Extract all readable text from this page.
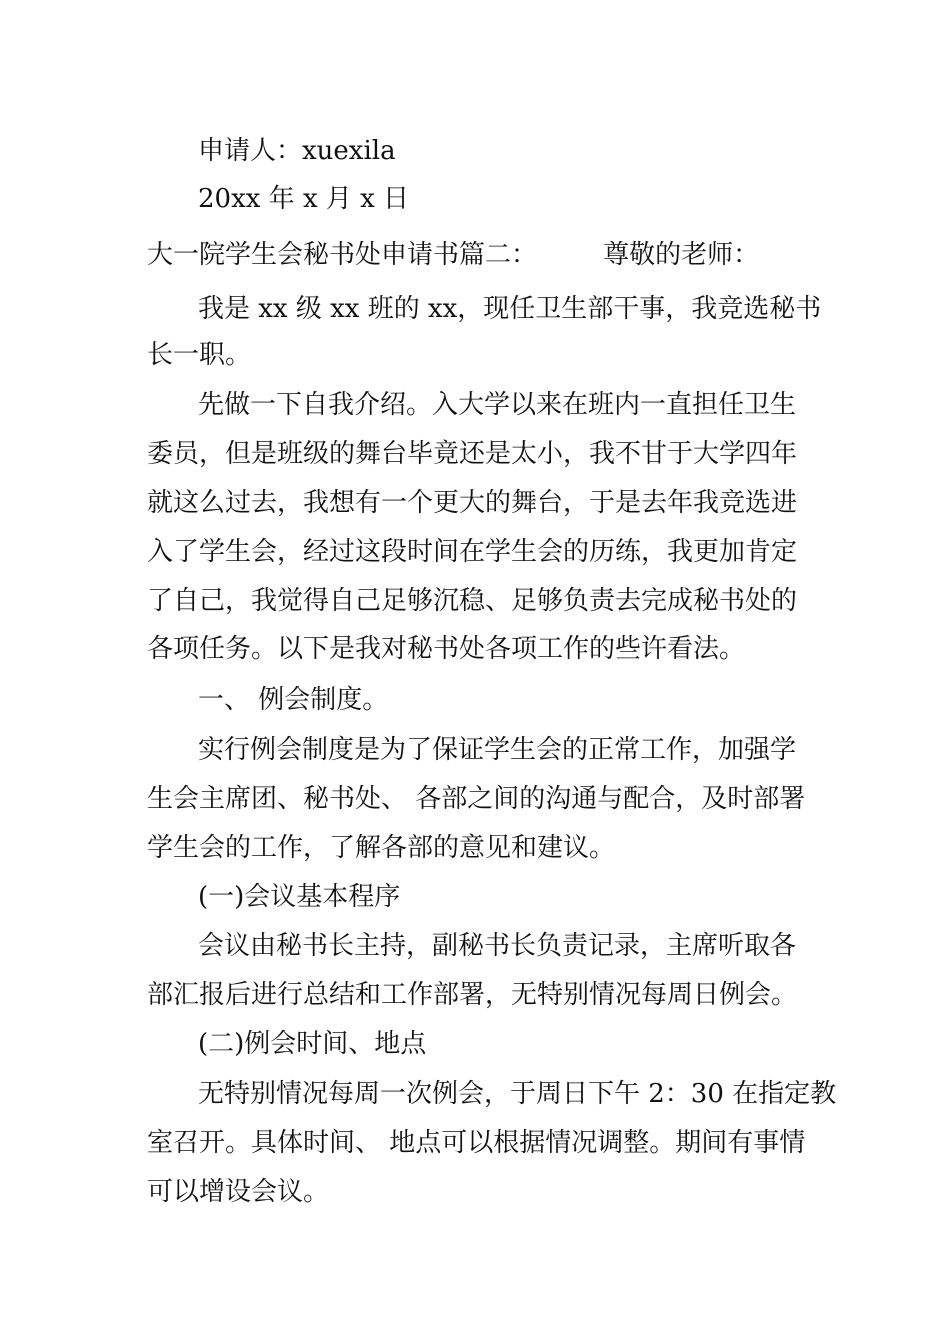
申请人：xuexila
20xx 年 x 月 x 日
大一院学生会秘书处申请书篇二：        尊敬的老师：
我是 xx 级 xx 班的 xx，现任卫生部干事，我竞选秘书
长一职。
先做一下自我介绍。入大学以来在班内一直担任卫生
委员，但是班级的舞台毕竟还是太小，我不甘于大学四年
就这么过去，我想有一个更大的舞台，于是去年我竞选进
入了学生会，经过这段时间在学生会的历练，我更加肯定
了自己，我觉得自己足够沉稳、足够负责去完成秘书处的
各项任务。以下是我对秘书处各项工作的些许看法。
一、 例会制度。
实行例会制度是为了保证学生会的正常工作，加强学
生会主席团、秘书处、 各部之间的沟通与配合，及时部署
学生会的工作，了解各部的意见和建议。
(一)会议基本程序
会议由秘书长主持，副秘书长负责记录，主席听取各
部汇报后进行总结和工作部署，无特别情况每周日例会。
(二)例会时间、地点
无特别情况每周一次例会，于周日下午 2：30 在指定教
室召开。具体时间、 地点可以根据情况调整。期间有事情
可以增设会议。
